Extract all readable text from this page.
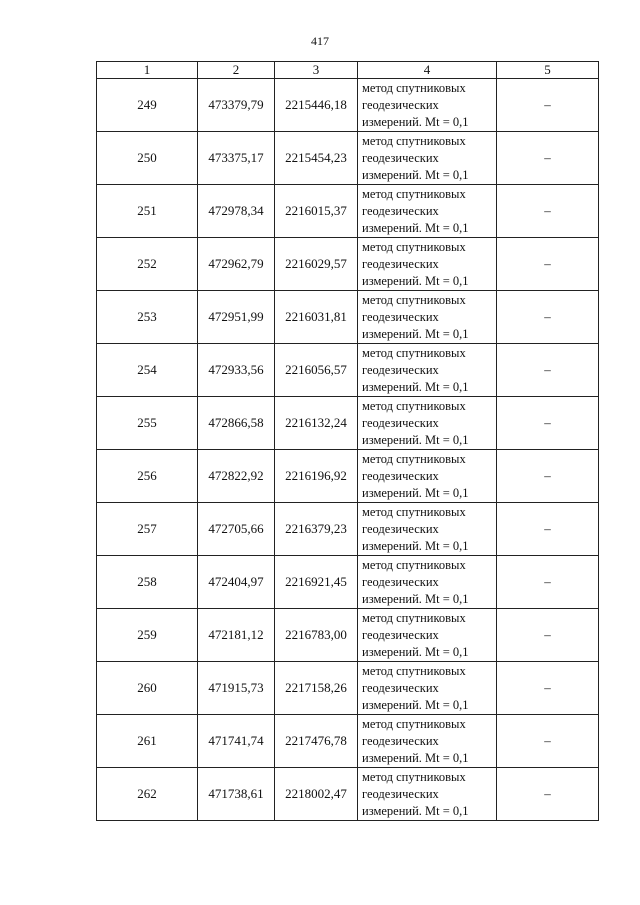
417
1	2	3	4	5
249	473379,79	2215446,18	метод спутниковых
геодезических
измерений. Mt = 0,1	–
250	473375,17	2215454,23	метод спутниковых
геодезических
измерений. Mt = 0,1	–
251	472978,34	2216015,37	метод спутниковых
геодезических
измерений. Mt = 0,1	–
252	472962,79	2216029,57	метод спутниковых
геодезических
измерений. Mt = 0,1	–
253	472951,99	2216031,81	метод спутниковых
геодезических
измерений. Mt = 0,1	–
254	472933,56	2216056,57	метод спутниковых
геодезических
измерений. Mt = 0,1	–
255	472866,58	2216132,24	метод спутниковых
геодезических
измерений. Mt = 0,1	–
256	472822,92	2216196,92	метод спутниковых
геодезических
измерений. Mt = 0,1	–
257	472705,66	2216379,23	метод спутниковых
геодезических
измерений. Mt = 0,1	–
258	472404,97	2216921,45	метод спутниковых
геодезических
измерений. Mt = 0,1	–
259	472181,12	2216783,00	метод спутниковых
геодезических
измерений. Mt = 0,1	–
260	471915,73	2217158,26	метод спутниковых
геодезических
измерений. Mt = 0,1	–
261	471741,74	2217476,78	метод спутниковых
геодезических
измерений. Mt = 0,1	–
262	471738,61	2218002,47	метод спутниковых
геодезических
измерений. Mt = 0,1	–
